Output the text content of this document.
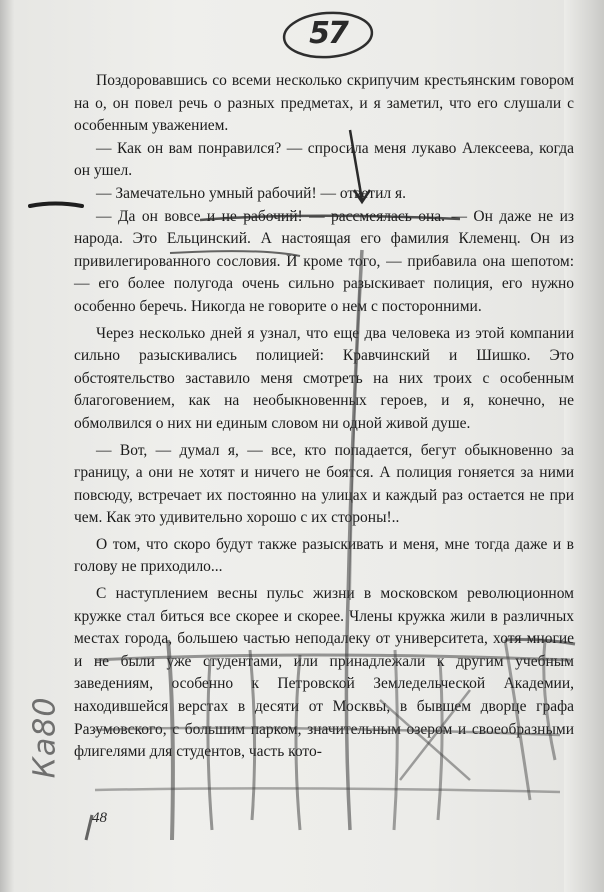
57

Поздоровавшись со всеми несколько скрипучим крестьянским говором на о, он повел речь о разных предметах, и я заметил, что его слушали с особенным уважением.

— Как он вам понравился? — спросила меня лукаво Алексеева, когда он ушел.

— Замечательно умный рабочий! — ответил я.

— Да он вовсе и не рабочий! — рассмеялась она. — Он даже не из народа. Это Ельцинский. А настоящая его фамилия Клеменц. Он из привилегированного сословия. И кроме того, — прибавила она шепотом: — его более полугода очень сильно разыскивает полиция, его нужно особенно беречь. Никогда не говорите о нем с посторонними.

Через несколько дней я узнал, что еще два человека из этой компании сильно разыскивались полицией: Кравчинский и Шишко. Это обстоятельство заставило меня смотреть на них троих с особенным благоговением, как на необыкновенных героев, и я, конечно, не обмолвился о них ни единым словом ни одной живой душе.

— Вот, — думал я, — все, кто попадается, бегут обыкновенно за границу, а они не хотят и ничего не боятся. А полиция гоняется за ними повсюду, встречает их постоянно на улицах и каждый раз остается не при чем. Как это удивительно хорошо с их стороны!..

О том, что скоро будут также разыскивать и меня, мне тогда даже и в голову не приходило...

С наступлением весны пульс жизни в московском революционном кружке стал биться все скорее и скорее. Члены кружка жили в различных местах города, большею частью неподалеку от университета, хотя многие и не были уже студентами, или принадлежали к другим учебным заведениям, особенно к Петровской Земледельческой Академии, находившейся верстах в десяти от Москвы, в бывшем дворце графа Разумовского, с большим парком, значительным озером и своеобразными флигелями для студентов, часть кото-

Ка80
48
